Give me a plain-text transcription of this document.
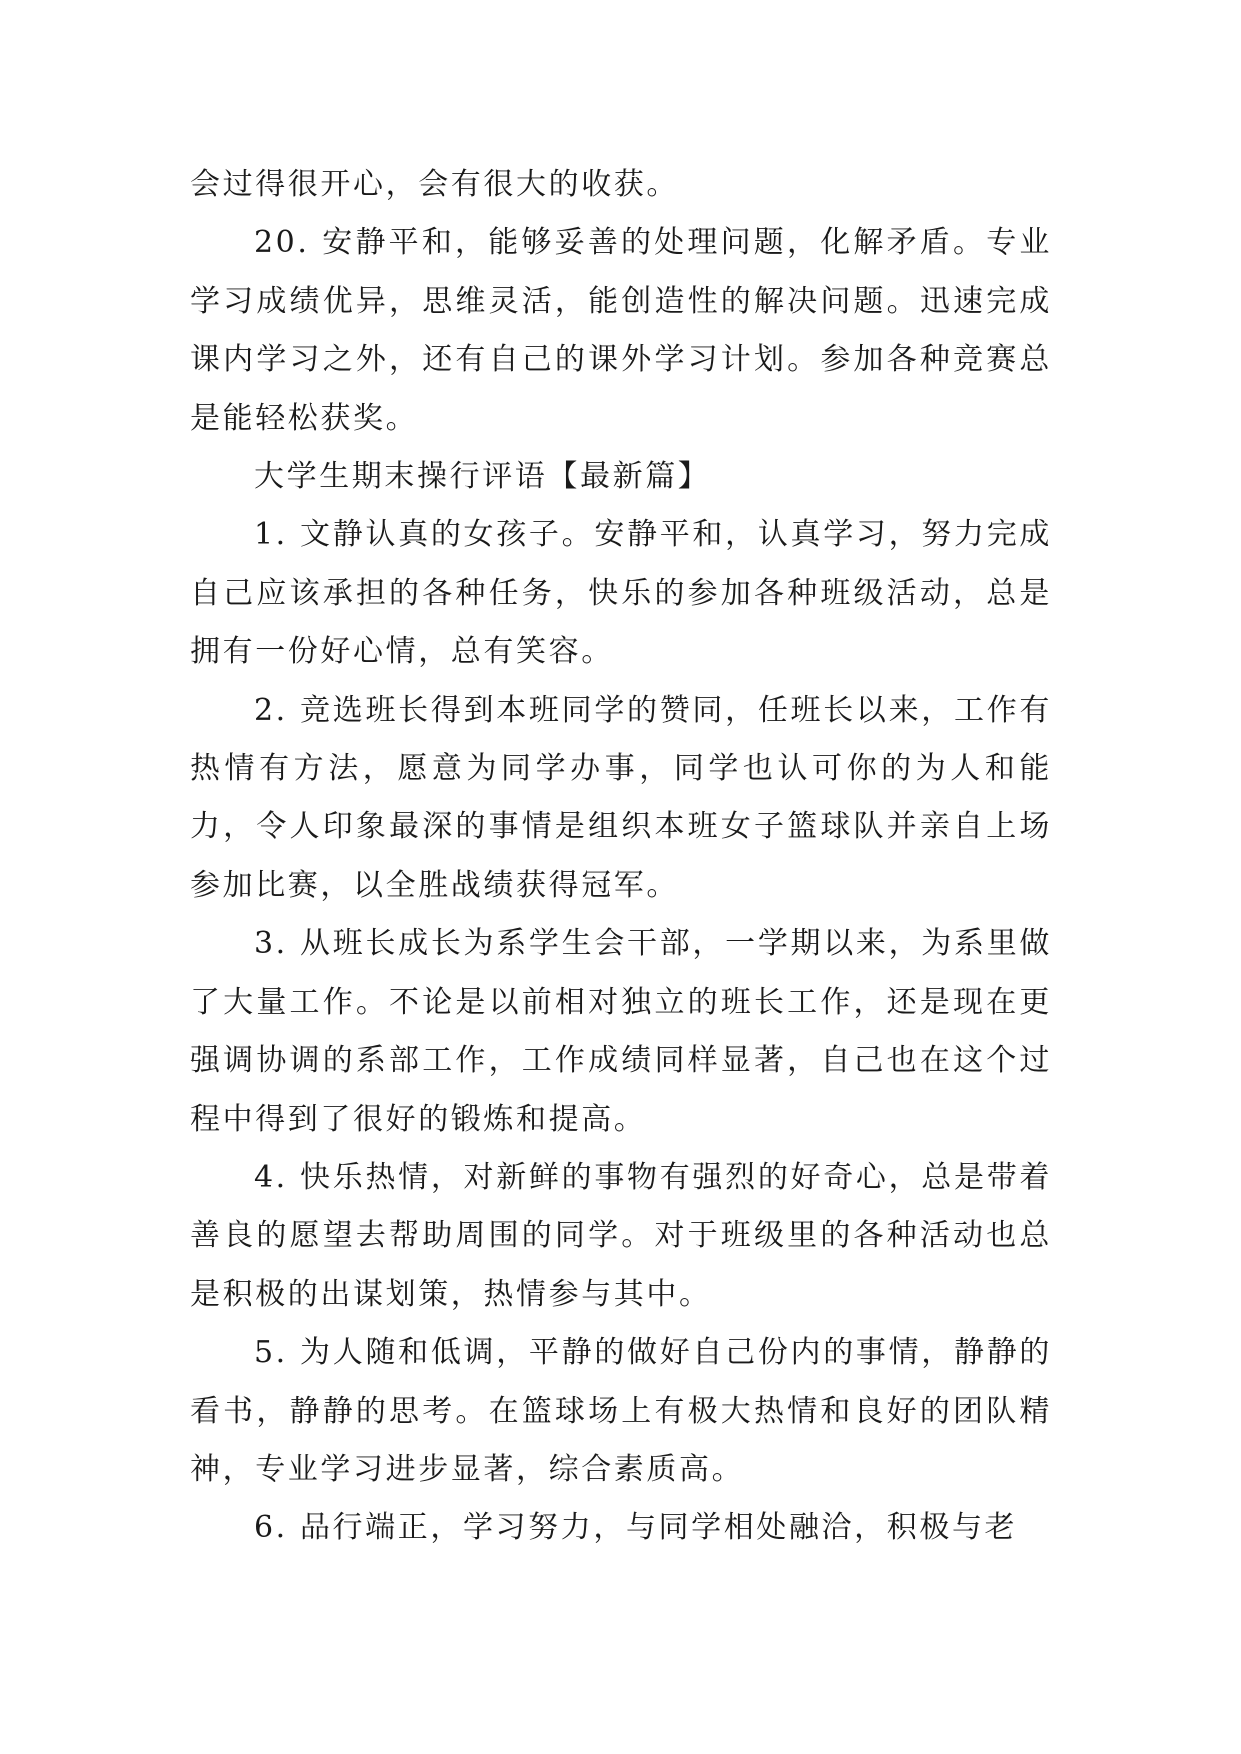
会过得很开心，会有很大的收获。

20. 安静平和，能够妥善的处理问题，化解矛盾。专业学习成绩优异，思维灵活，能创造性的解决问题。迅速完成课内学习之外，还有自己的课外学习计划。参加各种竞赛总是能轻松获奖。

大学生期末操行评语【最新篇】

1. 文静认真的女孩子。安静平和，认真学习，努力完成自己应该承担的各种任务，快乐的参加各种班级活动，总是拥有一份好心情，总有笑容。

2. 竞选班长得到本班同学的赞同，任班长以来，工作有热情有方法，愿意为同学办事，同学也认可你的为人和能力，令人印象最深的事情是组织本班女子篮球队并亲自上场参加比赛，以全胜战绩获得冠军。

3. 从班长成长为系学生会干部，一学期以来，为系里做了大量工作。不论是以前相对独立的班长工作，还是现在更强调协调的系部工作，工作成绩同样显著，自己也在这个过程中得到了很好的锻炼和提高。

4. 快乐热情，对新鲜的事物有强烈的好奇心，总是带着善良的愿望去帮助周围的同学。对于班级里的各种活动也总是积极的出谋划策，热情参与其中。

5. 为人随和低调，平静的做好自己份内的事情，静静的看书，静静的思考。在篮球场上有极大热情和良好的团队精神，专业学习进步显著，综合素质高。

6. 品行端正，学习努力，与同学相处融洽，积极与老
